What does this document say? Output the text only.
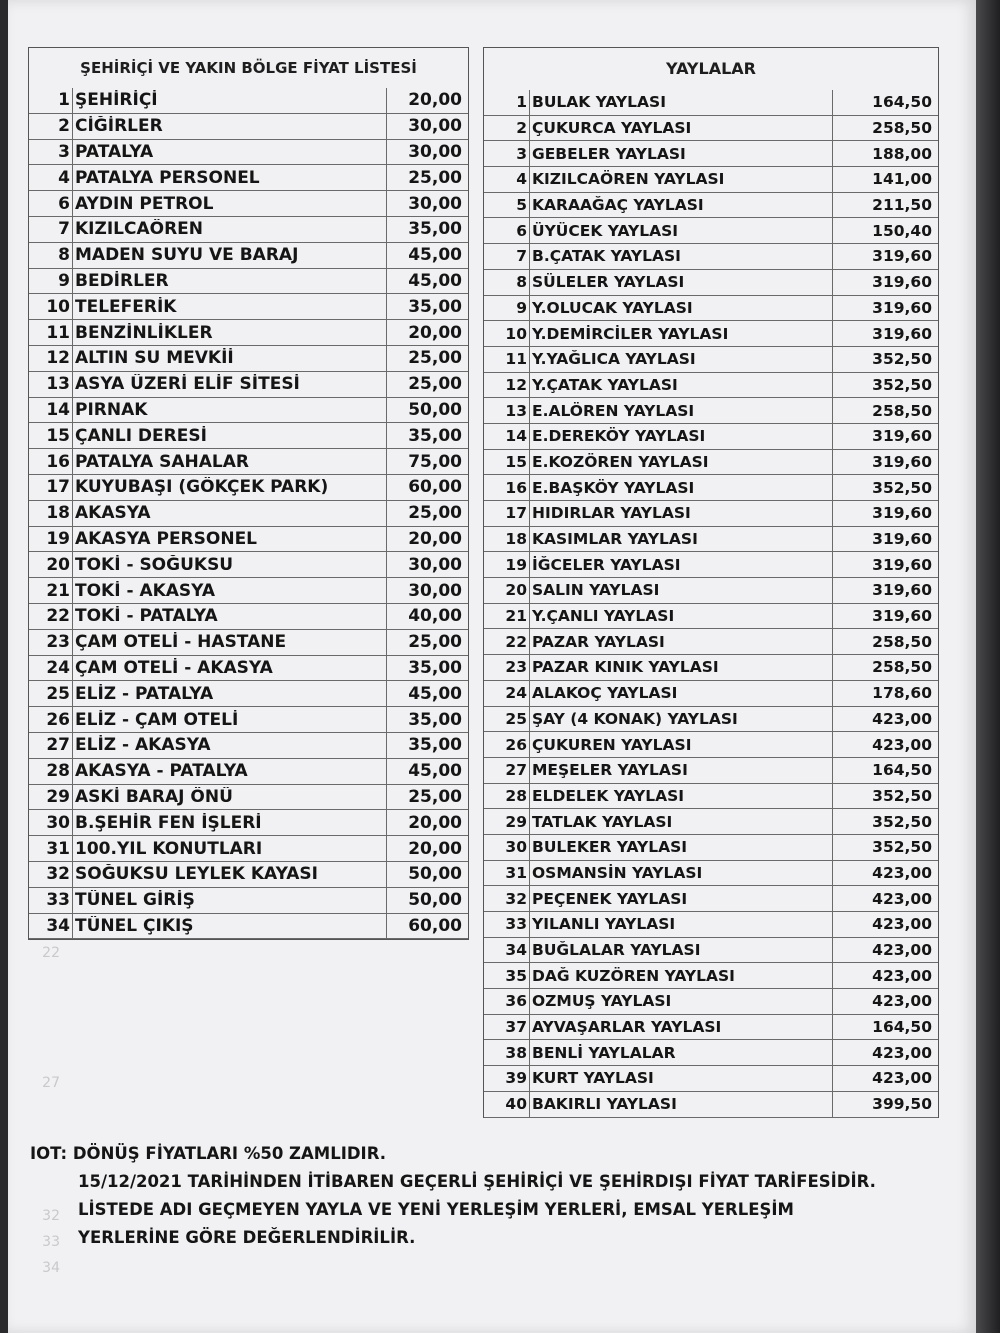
ŞEHİRİÇİ VE YAKIN BÖLGE FİYAT LİSTESİ
1 ŞEHİRİÇİ	20,00
2 CİĞİRLER	30,00
3 PATALYA	30,00
4 PATALYA PERSONEL	25,00
6 AYDIN PETROL	30,00
7 KIZILCAÖREN	35,00
8 MADEN SUYU VE BARAJ	45,00
9 BEDİRLER	45,00
10 TELEFERİK	35,00
11 BENZİNLİKLER	20,00
12 ALTIN SU MEVKİİ	25,00
13 ASYA ÜZERİ ELİF SİTESİ	25,00
14 PIRNAK	50,00
15 ÇANLI DERESİ	35,00
16 PATALYA SAHALAR	75,00
17 KUYUBAŞI (GÖKÇEK PARK)	60,00
18 AKASYA	25,00
19 AKASYA PERSONEL	20,00
20 TOKİ - SOĞUKSU	30,00
21 TOKİ - AKASYA	30,00
22 TOKİ - PATALYA	40,00
23 ÇAM OTELİ - HASTANE	25,00
24 ÇAM OTELİ - AKASYA	35,00
25 ELİZ - PATALYA	45,00
26 ELİZ - ÇAM OTELİ	35,00
27 ELİZ - AKASYA	35,00
28 AKASYA - PATALYA	45,00
29 ASKİ BARAJ ÖNÜ	25,00
30 B.ŞEHİR FEN İŞLERİ	20,00
31 100.YIL KONUTLARI	20,00
32 SOĞUKSU LEYLEK KAYASI	50,00
33 TÜNEL GİRİŞ	50,00
34 TÜNEL ÇIKIŞ	60,00
YAYLALAR
1 BULAK YAYLASI	164,50
2 ÇUKURCA YAYLASI	258,50
3 GEBELER YAYLASI	188,00
4 KIZILCAÖREN YAYLASI	141,00
5 KARAAĞAÇ YAYLASI	211,50
6 ÜYÜCEK YAYLASI	150,40
7 B.ÇATAK YAYLASI	319,60
8 SÜLELER YAYLASI	319,60
9 Y.OLUCAK YAYLASI	319,60
10 Y.DEMİRCİLER YAYLASI	319,60
11 Y.YAĞLICA YAYLASI	352,50
12 Y.ÇATAK YAYLASI	352,50
13 E.ALÖREN YAYLASI	258,50
14 E.DEREKÖY YAYLASI	319,60
15 E.KOZÖREN YAYLASI	319,60
16 E.BAŞKÖY YAYLASI	352,50
17 HIDIRLAR YAYLASI	319,60
18 KASIMLAR YAYLASI	319,60
19 İĞCELER YAYLASI	319,60
20 SALIN YAYLASI	319,60
21 Y.ÇANLI YAYLASI	319,60
22 PAZAR YAYLASI	258,50
23 PAZAR KINIK YAYLASI	258,50
24 ALAKOÇ YAYLASI	178,60
25 ŞAY (4 KONAK) YAYLASI	423,00
26 ÇUKUREN YAYLASI	423,00
27 MEŞELER YAYLASI	164,50
28 ELDELEK YAYLASI	352,50
29 TATLAK YAYLASI	352,50
30 BULEKER YAYLASI	352,50
31 OSMANSİN YAYLASI	423,00
32 PEÇENEK YAYLASI	423,00
33 YILANLI YAYLASI	423,00
34 BUĞLALAR YAYLASI	423,00
35 DAĞ KUZÖREN YAYLASI	423,00
36 OZMUŞ YAYLASI	423,00
37 AYVAŞARLAR YAYLASI	164,50
38 BENLİ YAYLALAR	423,00
39 KURT YAYLASI	423,00
40 BAKIRLI YAYLASI	399,50
22
27
32
33
34
IOT: DÖNÜŞ FİYATLARI %50 ZAMLIDIR.
15/12/2021 TARİHİNDEN İTİBAREN GEÇERLİ ŞEHİRİÇİ VE ŞEHİRDIŞI FİYAT TARİFESİDİR.
LİSTEDE ADI GEÇMEYEN YAYLA VE YENİ YERLEŞİM YERLERİ, EMSAL YERLEŞİM
YERLERİNE GÖRE DEĞERLENDİRİLİR.
